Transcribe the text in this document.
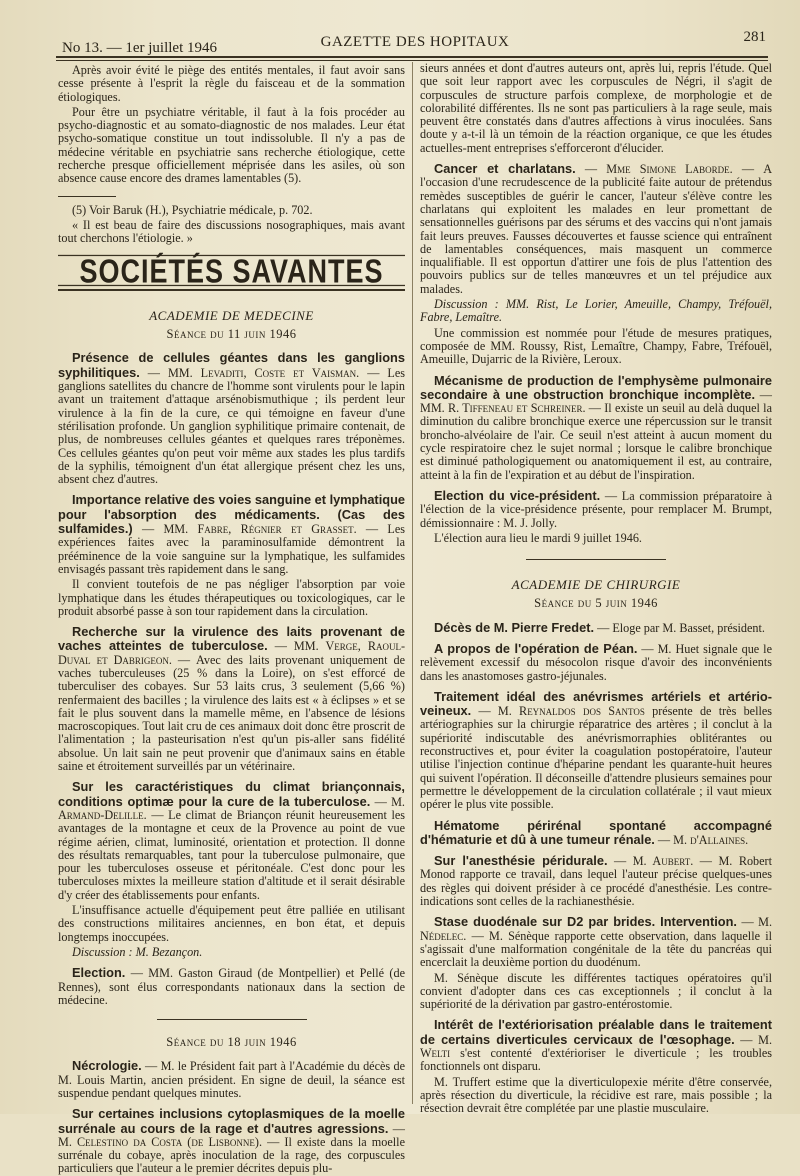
No 13. — 1er juillet 1946	GAZETTE DES HOPITAUX	281

Après avoir évité le piège des entités mentales, il faut avoir sans cesse présente à l'esprit la règle du faisceau et de la sommation étiologiques.

Pour être un psychiatre véritable, il faut à la fois procéder au psycho-diagnostic et au somato-diagnostic de nos malades. Leur état psycho-somatique constitue un tout indissoluble. Il n'y a pas de médecine véritable en psychiatrie sans recherche étiologique, cette recherche presque officiellement méprisée dans les asiles, où son absence cause encore des drames lamentables (5).

(5) Voir Baruk (H.), Psychiatrie médicale, p. 702.

« Il est beau de faire des discussions nosographiques, mais avant tout cherchons l'étiologie. »

SOCIÉTÉS SAVANTES
ACADEMIE DE MEDECINE
Séance du 11 juin 1946

Présence de cellules géantes dans les ganglions syphilitiques. — MM. Levaditi, Coste et Vaisman. — Les ganglions satellites du chancre de l'homme sont virulents pour le lapin avant un traitement d'attaque arsénobismuthique ; ils perdent leur virulence à la fin de la cure, ce qui témoigne en faveur d'une stérilisation profonde. Un ganglion syphilitique primaire contenait, de plus, de nombreuses cellules géantes et quelques rares tréponèmes. Ces cellules géantes qu'on peut voir même aux stades les plus tardifs de la syphilis, témoignent d'un état allergique présent chez les uns, absent chez d'autres.

Importance relative des voies sanguine et lymphatique pour l'absorption des médicaments. (Cas des sulfamides.) — MM. Fabre, Régnier et Grasset. — Les expériences faites avec la paraminosulfamide démontrent la prééminence de la voie sanguine sur la lymphatique, les sulfamides envisagés passant très rapidement dans le sang.

Il convient toutefois de ne pas négliger l'absorption par voie lymphatique dans les études thérapeutiques ou toxicologiques, car le produit absorbé passe à son tour rapidement dans la circulation.

Recherche sur la virulence des laits provenant de vaches atteintes de tuberculose. — MM. Verge, Raoul-Duval et Dabrigeon. — Avec des laits provenant uniquement de vaches tuberculeuses (25 % dans la Loire), on s'est efforcé de tuberculiser des cobayes. Sur 53 laits crus, 3 seulement (5,66 %) renfermaient des bacilles ; la virulence des laits est « à éclipses » et se fait le plus souvent dans la mamelle même, en l'absence de lésions macroscopiques. Tout lait cru de ces animaux doit donc être proscrit de l'alimentation ; la pasteurisation n'est qu'un pis-aller sans fidélité absolue. Un lait sain ne peut provenir que d'animaux sains en étable saine et étroitement surveillés par un vétérinaire.

Sur les caractéristiques du climat briançonnais, conditions optimæ pour la cure de la tuberculose. — M. Armand-Delille. — Le climat de Briançon réunit heureusement les avantages de la montagne et ceux de la Provence au point de vue régime aérien, climat, luminosité, orientation et protection. Il donne des résultats remarquables, tant pour la tuberculose pulmonaire, que pour les tuberculoses osseuse et péritonéale. C'est donc pour les tuberculoses mixtes la meilleure station d'altitude et il serait désirable d'y créer des établissements pour enfants.

L'insuffisance actuelle d'équipement peut être palliée en utilisant des constructions militaires anciennes, en bon état, et depuis longtemps inoccupées.

Discussion : M. Bezançon.

Election. — MM. Gaston Giraud (de Montpellier) et Pellé (de Rennes), sont élus correspondants nationaux dans la section de médecine.

Séance du 18 juin 1946

Nécrologie. — M. le Président fait part à l'Académie du décès de M. Louis Martin, ancien président. En signe de deuil, la séance est suspendue pendant quelques minutes.

Sur certaines inclusions cytoplasmiques de la moelle surrénale au cours de la rage et d'autres agressions. — M. Celestino da Costa (de Lisbonne). — Il existe dans la moelle surrénale du cobaye, après inoculation de la rage, des corpuscules particuliers que l'auteur a le premier décrites depuis plu-

sieurs années et dont d'autres auteurs ont, après lui, repris l'étude. Quel que soit leur rapport avec les corpuscules de Négri, il s'agit de corpuscules de structure parfois complexe, de morphologie et de colorabilité différentes. Ils ne sont pas particuliers à la rage seule, mais peuvent être constatés dans d'autres affections à virus inoculées. Sans doute y a-t-il là un témoin de la réaction organique, ce que les études actuelles-ment entreprises s'efforceront d'élucider.

Cancer et charlatans. — Mme Simone Laborde. — A l'occasion d'une recrudescence de la publicité faite autour de prétendus remèdes susceptibles de guérir le cancer, l'auteur s'élève contre les charlatans qui exploitent les malades en leur promettant de sensationnelles guérisons par des sérums et des vaccins qui n'ont jamais fait leurs preuves. Fausses découvertes et fausse science qui entraînent de lamentables conséquences, mais masquent un commerce inqualifiable. Il est opportun d'attirer une fois de plus l'attention des pouvoirs publics sur de telles manœuvres et un tel préjudice aux malades.

Discussion : MM. Rist, Le Lorier, Ameuille, Champy, Tréfouël, Fabre, Lemaître.

Une commission est nommée pour l'étude de mesures pratiques, composée de MM. Roussy, Rist, Lemaître, Champy, Fabre, Tréfouël, Ameuille, Dujarric de la Rivière, Leroux.

Mécanisme de production de l'emphysème pulmonaire secondaire à une obstruction bronchique incomplète. — MM. R. Tiffeneau et Schreiner. — Il existe un seuil au delà duquel la diminution du calibre bronchique exerce une répercussion sur le transit broncho-alvéolaire de l'air. Ce seuil n'est atteint à aucun moment du cycle respiratoire chez le sujet normal ; lorsque le calibre bronchique est diminué pathologiquement ou anatomiquement il est, au contraire, atteint à la fin de l'expiration et au début de l'inspiration.

Election du vice-président. — La commission préparatoire à l'élection de la vice-présidence présente, pour remplacer M. Brumpt, démissionnaire : M. J. Jolly.

L'élection aura lieu le mardi 9 juillet 1946.

ACADEMIE DE CHIRURGIE
Séance du 5 juin 1946

Décès de M. Pierre Fredet. — Eloge par M. Basset, président.

A propos de l'opération de Péan. — M. Huet signale que le relèvement excessif du mésocolon risque d'avoir des inconvénients dans les anastomoses gastro-jéjunales.

Traitement idéal des anévrismes artériels et artério-veineux. — M. Reynaldos dos Santos présente de très belles artériographies sur la chirurgie réparatrice des artères ; il conclut à la supériorité indiscutable des anévrismorraphies oblitérantes ou reconstructives et, pour éviter la coagulation postopératoire, l'auteur utilise l'injection continue d'héparine pendant les quarante-huit heures qui suivent l'opération. Il déconseille d'attendre plusieurs semaines pour permettre le développement de la circulation collatérale ; il vaut mieux opérer le plus vite possible.

Hématome périrénal spontané accompagné d'hématurie et dû à une tumeur rénale. — M. d'Allaines.

Sur l'anesthésie péridurale. — M. Aubert. — M. Robert Monod rapporte ce travail, dans lequel l'auteur précise quelques-unes des règles qui doivent présider à ce procédé d'anesthésie. Les contre-indications sont celles de la rachianesthésie.

Stase duodénale sur D2 par brides. Intervention. — M. Nédelec. — M. Sénèque rapporte cette observation, dans laquelle il s'agissait d'une malformation congénitale de la tête du pancréas qui encerclait la deuxième portion du duodénum.

M. Sénèque discute les différentes tactiques opératoires qu'il convient d'adopter dans ces cas exceptionnels ; il conclut à la supériorité de la dérivation par gastro-entérostomie.

Intérêt de l'extériorisation préalable dans le traitement de certains diverticules cervicaux de l'œsophage. — M. Welti s'est contenté d'extérioriser le diverticule ; les troubles fonctionnels ont disparu.

M. Truffert estime que la diverticulopexie mérite d'être conservée, après résection du diverticule, la récidive est rare, mais possible ; la résection devrait être complétée par une plastie musculaire.
